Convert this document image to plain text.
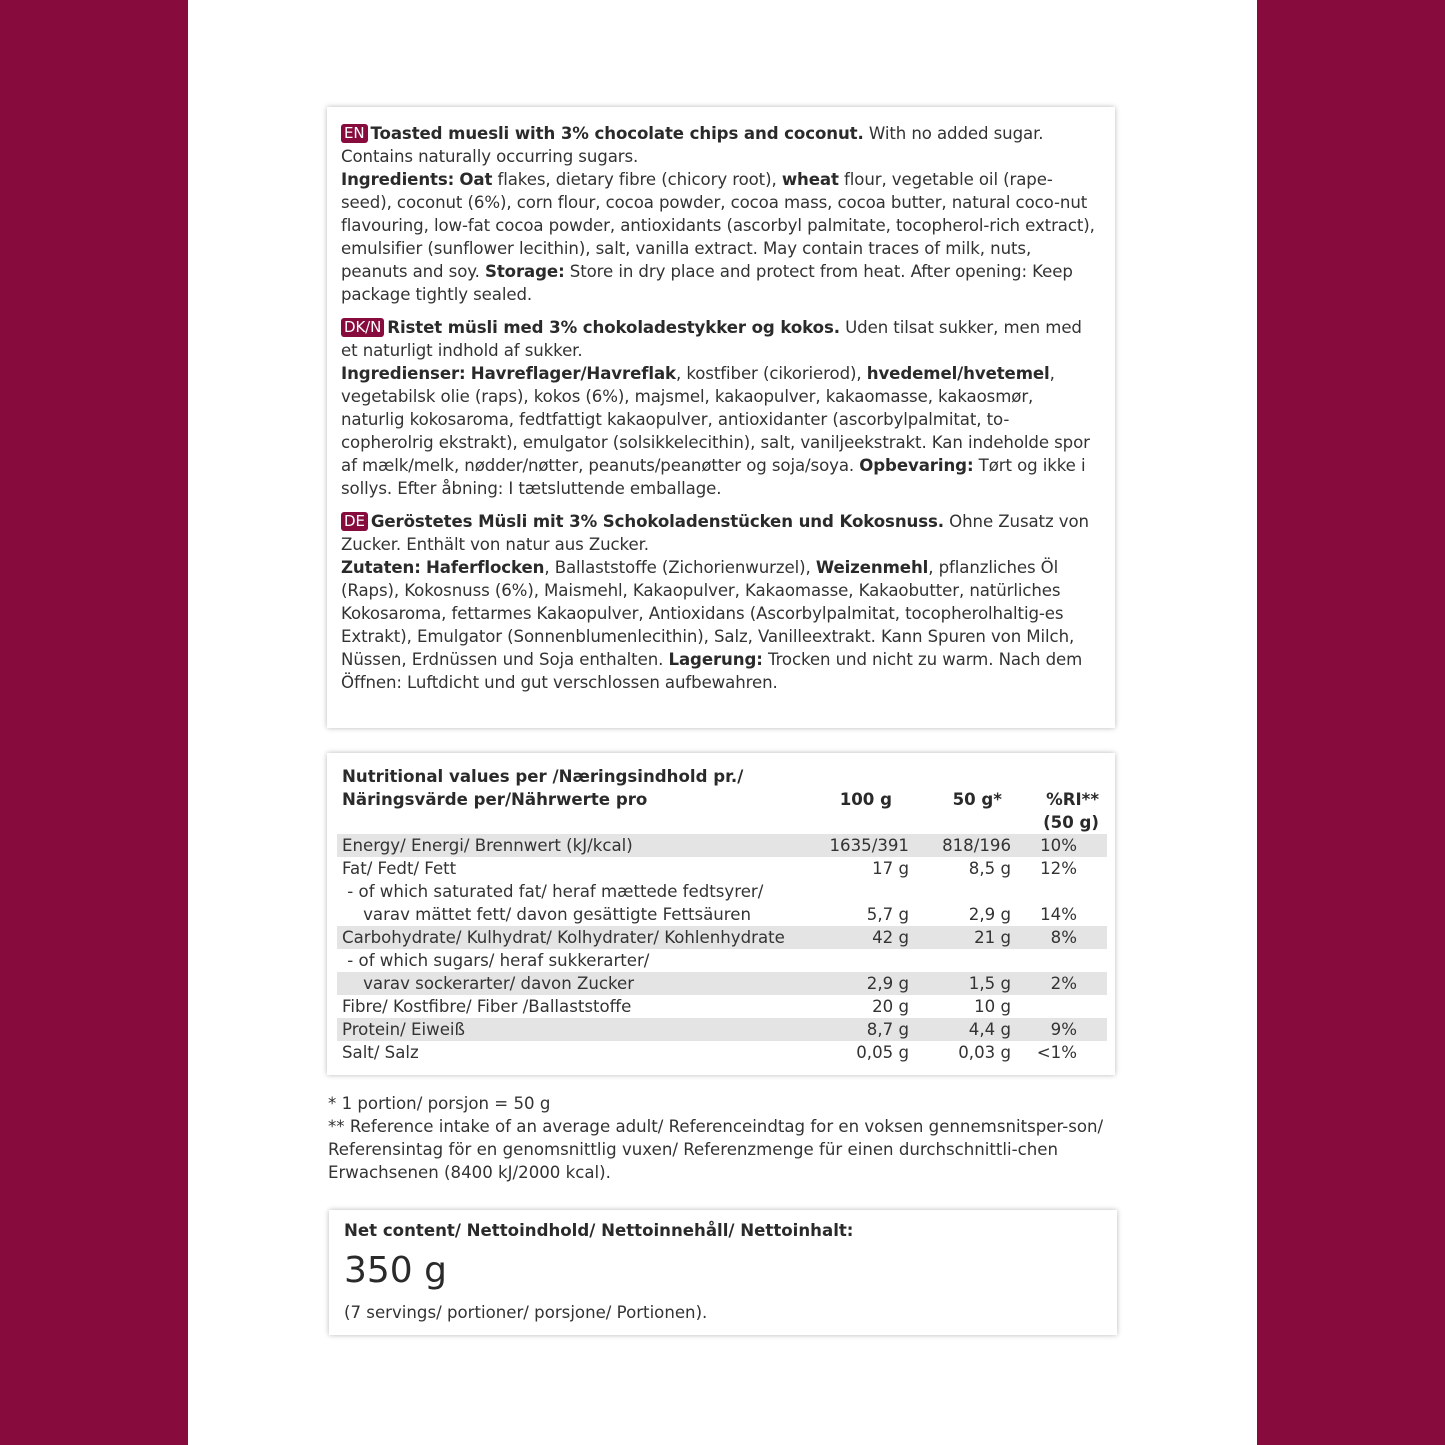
EN Toasted muesli with 3% chocolate chips and coconut. With no added sugar. Contains naturally occurring sugars.
Ingredients: Oat flakes, dietary fibre (chicory root), wheat flour, vegetable oil (rape-seed), coconut (6%), corn flour, cocoa powder, cocoa mass, cocoa butter, natural coco-nut flavouring, low-fat cocoa powder, antioxidants (ascorbyl palmitate, tocopherol-rich extract), emulsifier (sunflower lecithin), salt, vanilla extract. May contain traces of milk, nuts, peanuts and soy. Storage: Store in dry place and protect from heat. After opening: Keep package tightly sealed.
DK/N Ristet müsli med 3% chokoladestykker og kokos. Uden tilsat sukker, men med et naturligt indhold af sukker.
Ingredienser: Havreflager/Havreflak, kostfiber (cikorierod), hvedemel/hvetemel, vegetabilsk olie (raps), kokos (6%), majsmel, kakaopulver, kakaomasse, kakaosmør, naturlig kokosaroma, fedtfattigt kakaopulver, antioxidanter (ascorbylpalmitat, to-copherolrig ekstrakt), emulgator (solsikkelecithin), salt, vaniljeekstrakt. Kan indeholde spor af mælk/melk, nødder/nøtter, peanuts/peanøtter og soja/soya. Opbevaring: Tørt og ikke i sollys. Efter åbning: I tætsluttende emballage.
DE Geröstetes Müsli mit 3% Schokoladenstücken und Kokosnuss. Ohne Zusatz von Zucker. Enthält von natur aus Zucker.
Zutaten: Haferflocken, Ballaststoffe (Zichorienwurzel), Weizenmehl, pflanzliches Öl (Raps), Kokosnuss (6%), Maismehl, Kakaopulver, Kakaomasse, Kakaobutter, natürliches Kokosaroma, fettarmes Kakaopulver, Antioxidans (Ascorbylpalmitat, tocopherolhaltig-es Extrakt), Emulgator (Sonnenblumenlecithin), Salz, Vanilleextrakt. Kann Spuren von Milch, Nüssen, Erdnüssen und Soja enthalten. Lagerung: Trocken und nicht zu warm. Nach dem Öffnen: Luftdicht und gut verschlossen aufbewahren.
Nutritional values per /Næringsindhold pr./
Näringsvärde per/Nährwerte pro	100 g	50 g*	%RI**
(50 g)
Energy/ Energi/ Brennwert (kJ/kcal)	1635/391 818/196 10%
Fat/ Fedt/ Fett	17 g	8,5 g 12%
- of which saturated fat/ heraf mættede fedtsyrer/
varav mättet fett/ davon gesättigte Fettsäuren	5,7 g	2,9 g 14%
Carbohydrate/ Kulhydrat/ Kolhydrater/ Kohlenhydrate	42 g	21 g 8%
- of which sugars/ heraf sukkerarter/
varav sockerarter/ davon Zucker	2,9 g	1,5 g 2%
Fibre/ Kostfibre/ Fiber /Ballaststoffe	20 g	10 g
Protein/ Eiweiß	8,7 g	4,4 g 9%
Salt/ Salz	0,05 g	0,03 g <1%
* 1 portion/ porsjon = 50 g
** Reference intake of an average adult/ Referenceindtag for en voksen gennemsnitsper-son/ Referensintag för en genomsnittlig vuxen/ Referenzmenge für einen durchschnittli-chen Erwachsenen (8400 kJ/2000 kcal).
Net content/ Nettoindhold/ Nettoinnehåll/ Nettoinhalt:
350 g
(7 servings/ portioner/ porsjone/ Portionen).
